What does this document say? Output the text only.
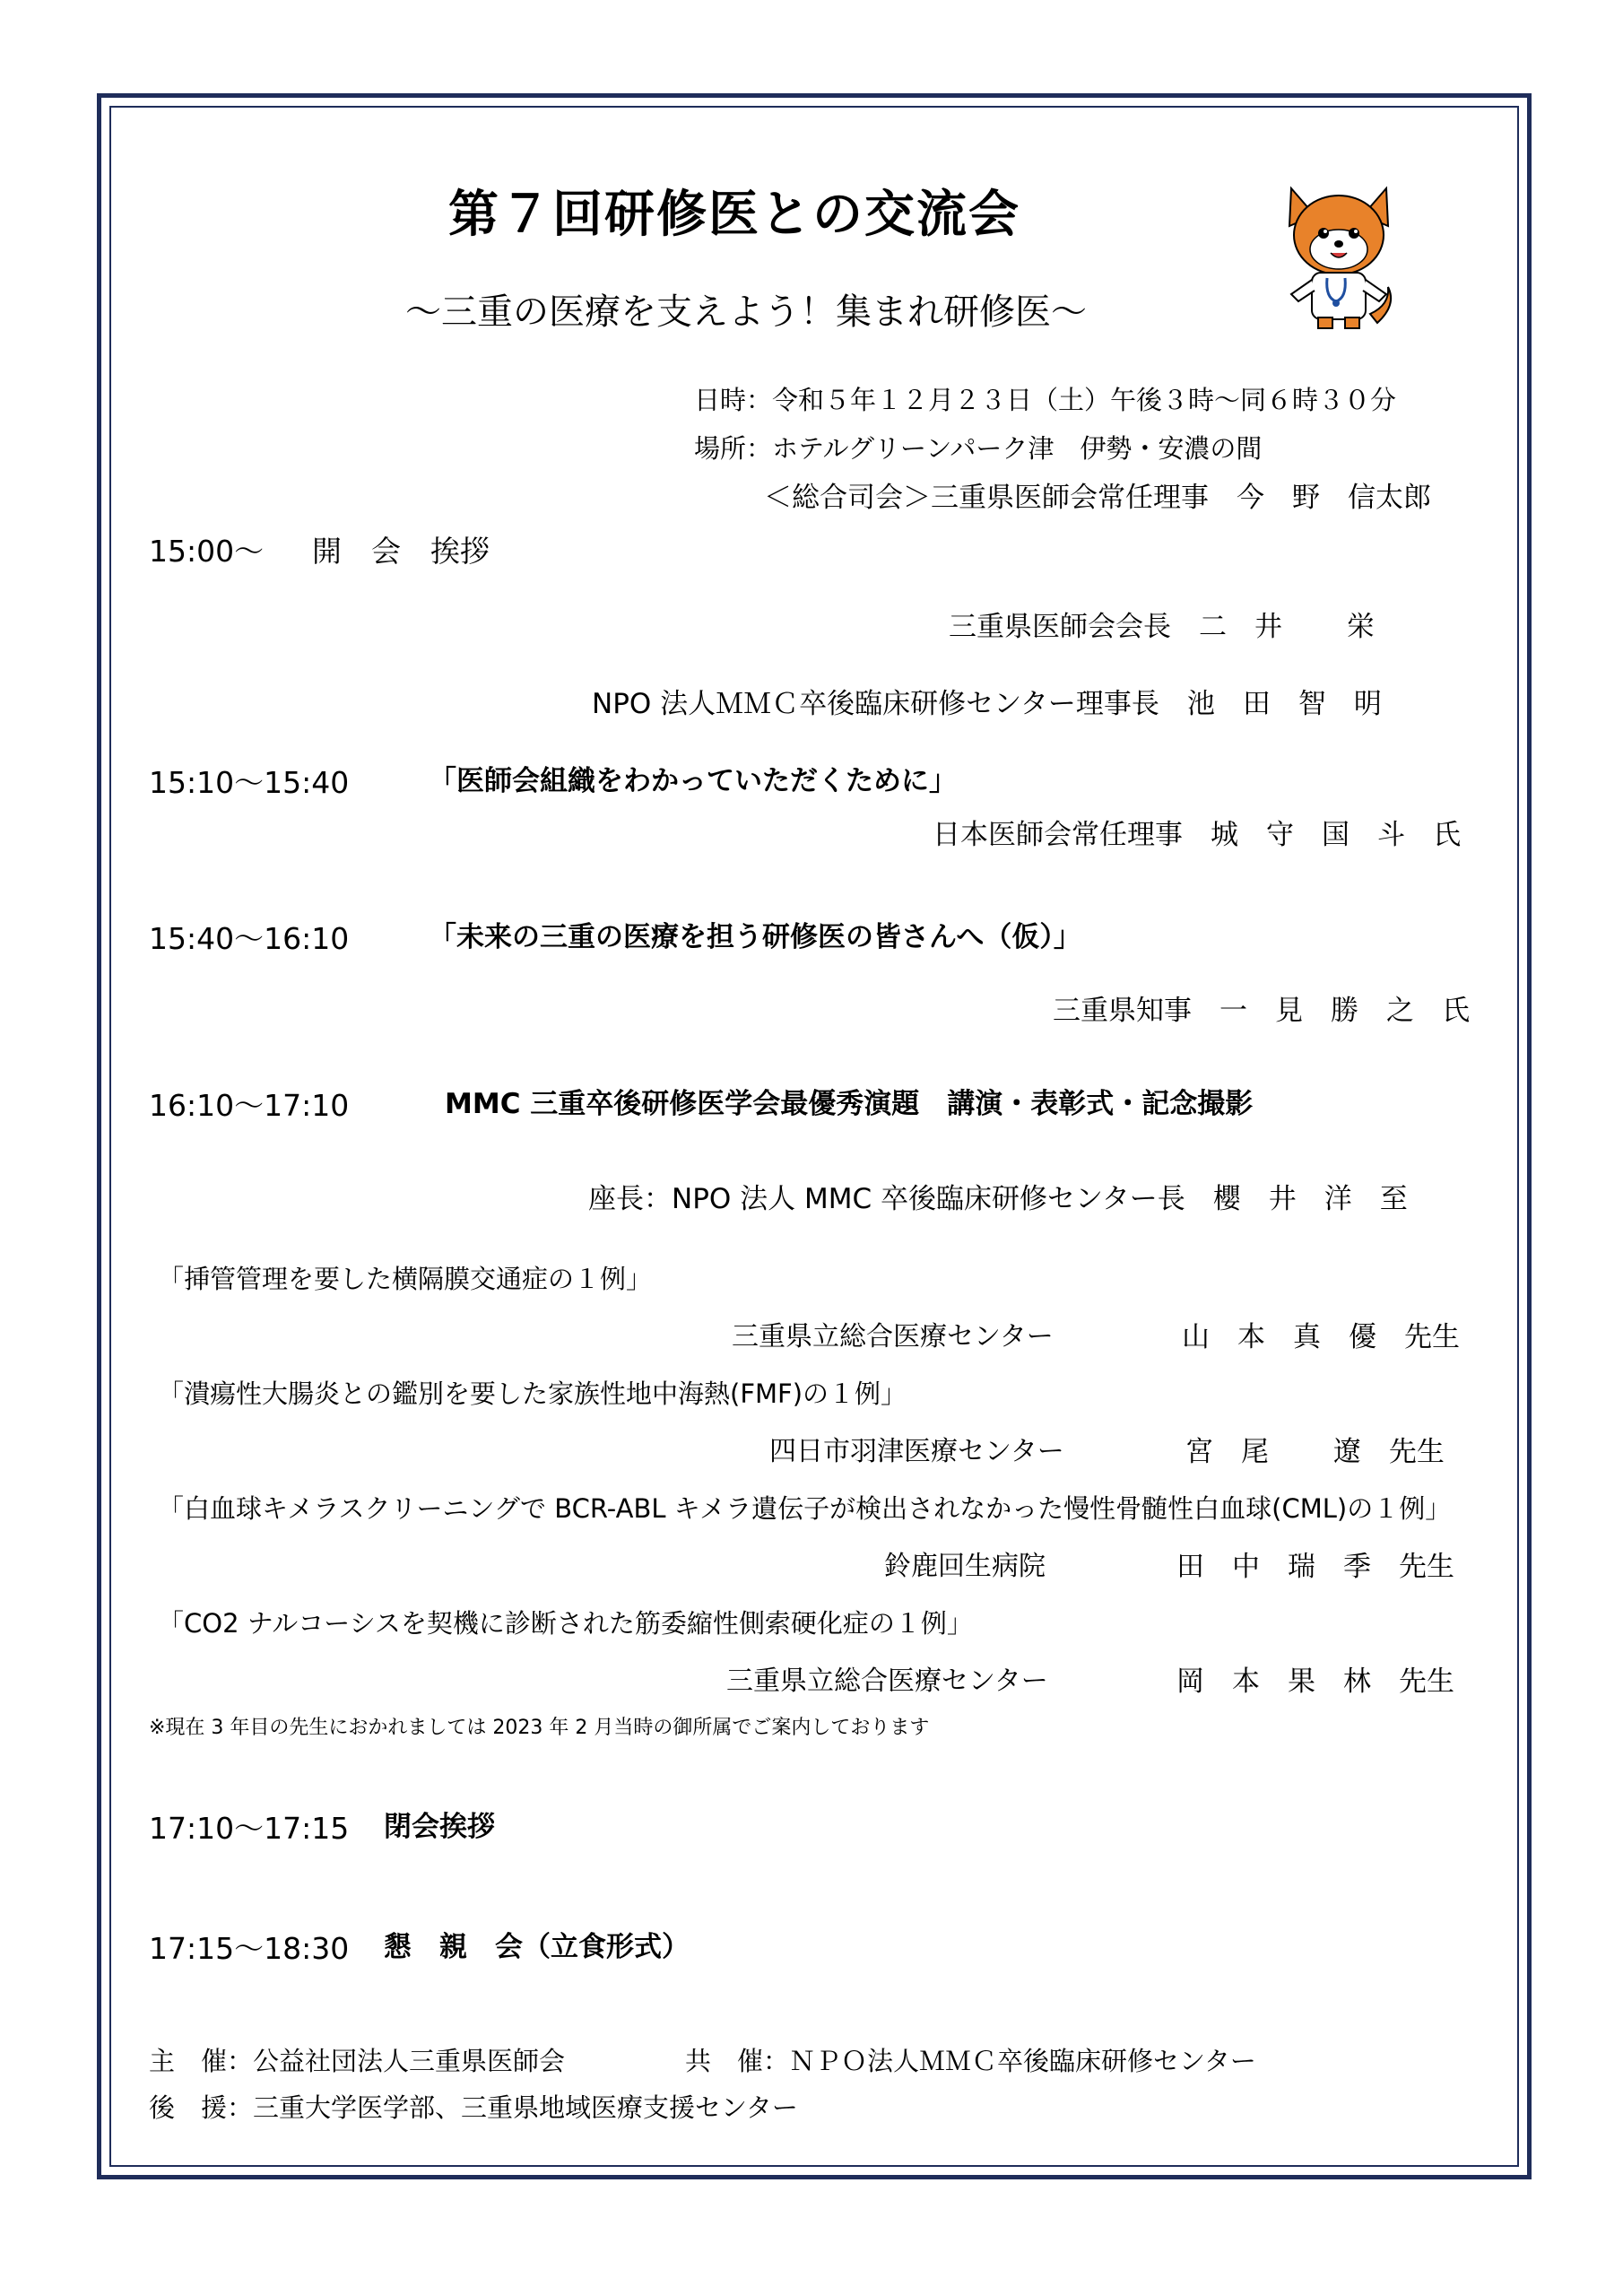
第７回研修医との交流会
～三重の医療を支えよう！集まれ研修医～
日時：令和５年１２月２３日（土）午後３時～同６時３０分
場所：ホテルグリーンパーク津　伊勢・安濃の間
＜総合司会＞三重県医師会常任理事　今　野　信太郎
15:00～ 開　会　挨拶
三重県医師会会長　二　井　　 栄
NPO 法人ＭＭＣ卒後臨床研修センター理事長　池　田　智　明
15:10～15:40	「医師会組織をわかっていただくために」
日本医師会常任理事　城　守　国　斗　氏
15:40～16:10	「未来の三重の医療を担う研修医の皆さんへ（仮）」
三重県知事　一　見　勝　之　氏
16:10～17:10	MMC 三重卒後研修医学会最優秀演題　講演・表彰式・記念撮影
座長：NPO 法人 MMC 卒後臨床研修センター長　櫻　井　洋　至
「挿管管理を要した横隔膜交通症の１例」
三重県立総合医療センター	山　本　真　優　先生
「潰瘍性大腸炎との鑑別を要した家族性地中海熱(FMF)の１例」
四日市羽津医療センター	宮　尾　　 遼　先生
「白血球キメラスクリーニングで BCR-ABL キメラ遺伝子が検出されなかった慢性骨髄性白血球(CML)の１例」
鈴鹿回生病院	田　中　瑞　季　先生
「CO2 ナルコーシスを契機に診断された筋委縮性側索硬化症の１例」
三重県立総合医療センター	岡　本　果　林　先生
※現在 3 年目の先生におかれましては 2023 年 2 月当時の御所属でご案内しております
17:10～17:15 閉会挨拶
17:15～18:30 懇　親　会（立食形式）
主　催：公益社団法人三重県医師会	共　催：ＮＰＯ法人ＭＭＣ卒後臨床研修センター
後　援：三重大学医学部、三重県地域医療支援センター
